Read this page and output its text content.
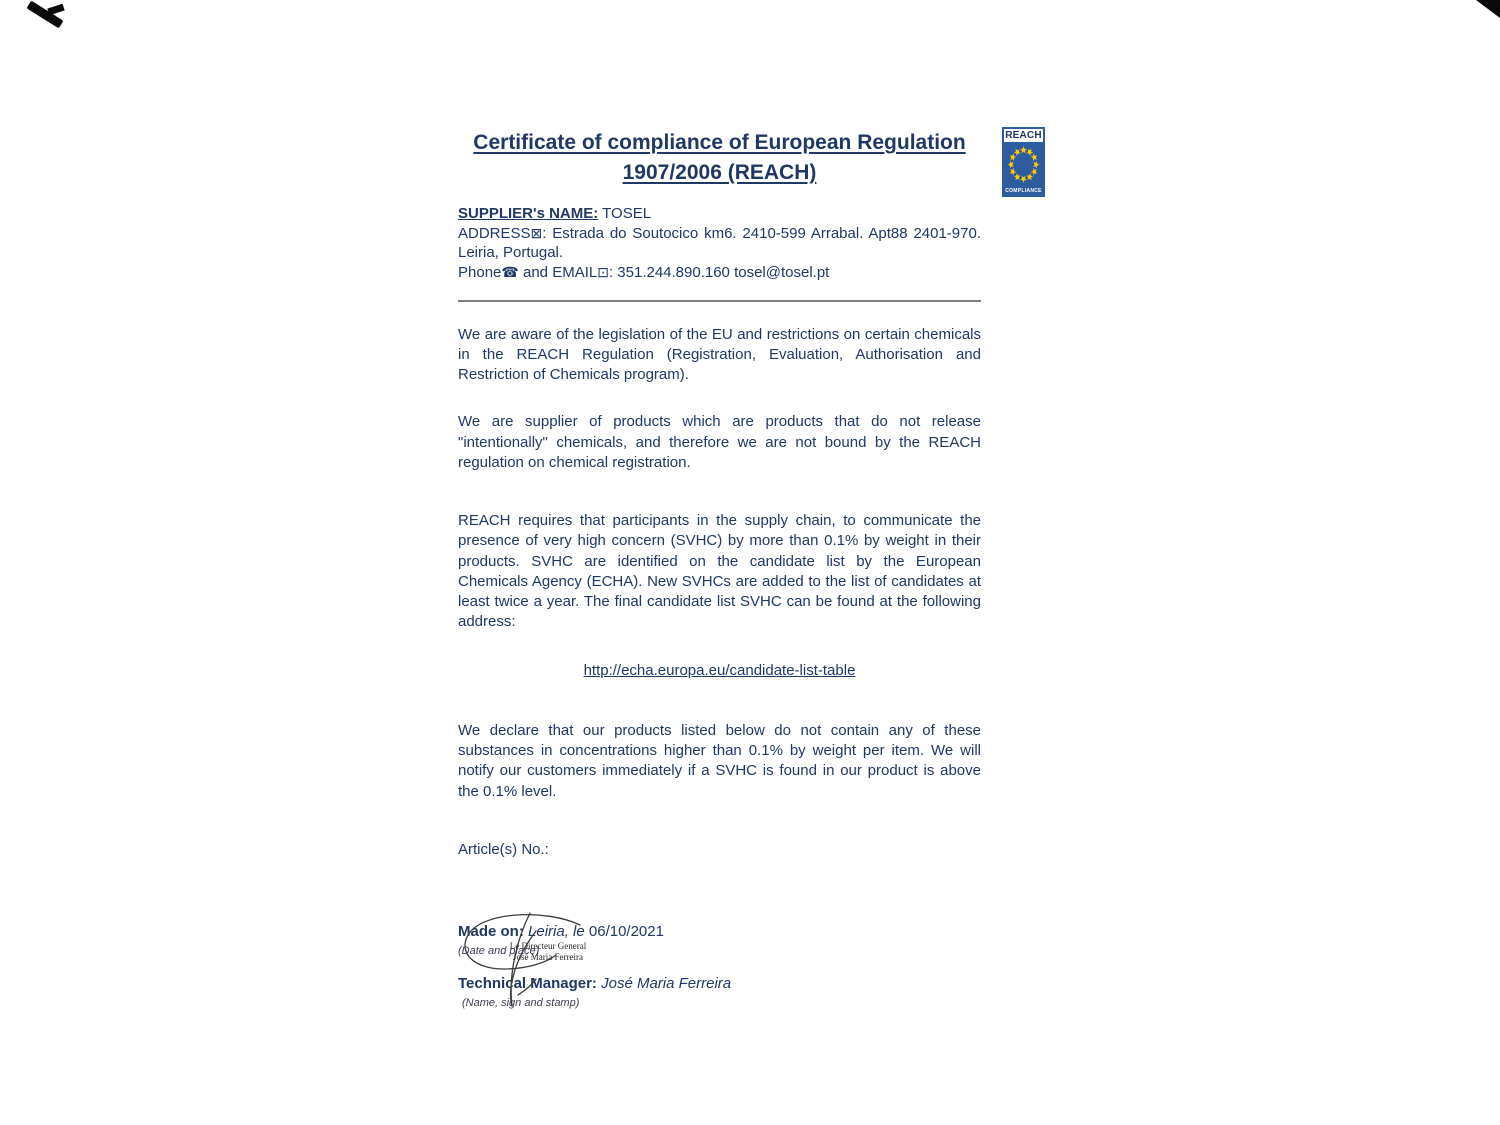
REACH
COMPLIANCE
Certificate of compliance of European Regulation
1907/2006 (REACH)
SUPPLIER's NAME: TOSEL
ADDRESS⊠: Estrada do Soutocico km6. 2410-599 Arrabal. Apt88 2401-970. Leiria, Portugal.
Phone☎ and EMAIL⊡: 351.244.890.160 tosel@tosel.pt

We are aware of the legislation of the EU and restrictions on certain chemicals in the REACH Regulation (Registration, Evaluation, Authorisation and Restriction of Chemicals program).

We are supplier of products which are products that do not release "intentionally" chemicals, and therefore we are not bound by the REACH regulation on chemical registration.

REACH requires that participants in the supply chain, to communicate the presence of very high concern (SVHC) by more than 0.1% by weight in their products. SVHC are identified on the candidate list by the European Chemicals Agency (ECHA). New SVHCs are added to the list of candidates at least twice a year. The final candidate list SVHC can be found at the following address:

http://echa.europa.eu/candidate-list-table

We declare that our products listed below do not contain any of these substances in concentrations higher than 0.1% by weight per item. We will notify our customers immediately if a SVHC is found in our product is above the 0.1% level.

Article(s) No.:
Made on: Leiria, le 06/10/2021
(Date and place)
Technical Manager: José Maria Ferreira
(Name, sign and stamp)
Le Directeur General
José Maria Ferreira
